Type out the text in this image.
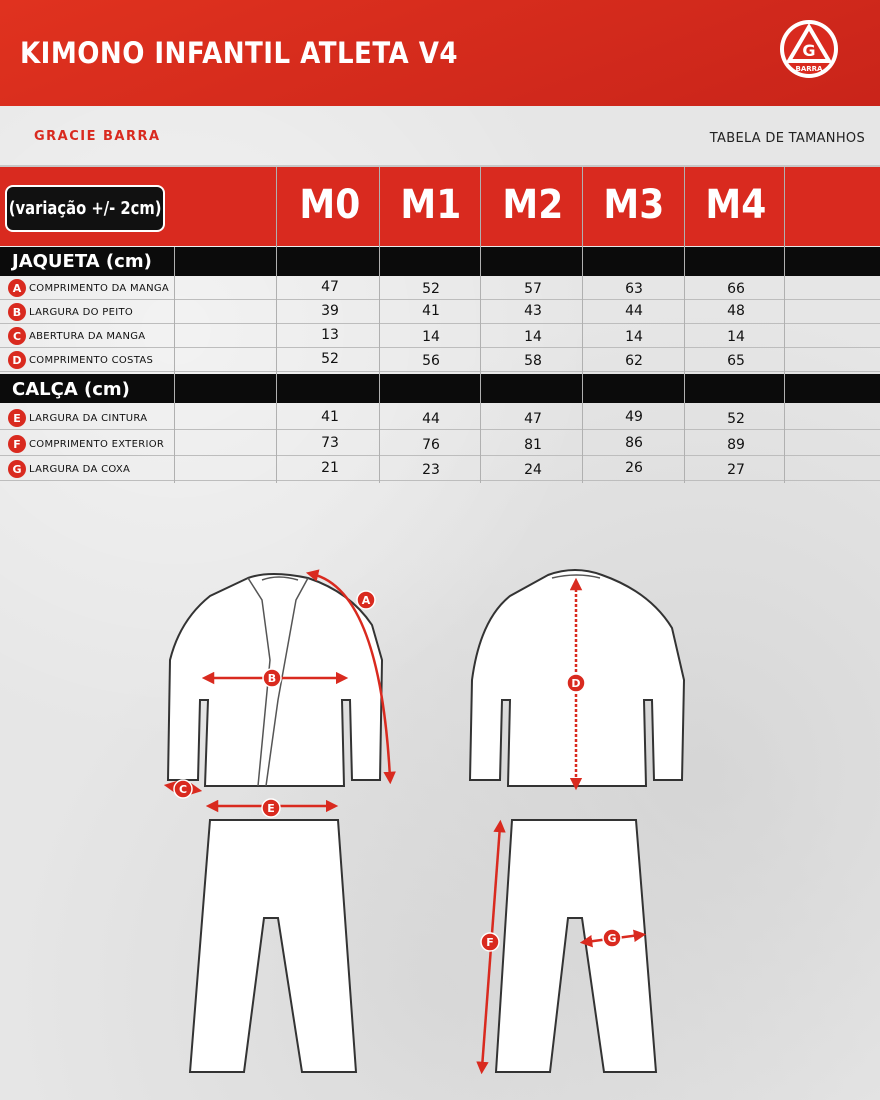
KIMONO INFANTIL ATLETA V4	G
BARRA
GRACIE BARRA	TABELA DE TAMANHOS
(variação +/- 2cm)	M0	M1	M2	M3	M4
JAQUETA (cm)
A COMPRIMENTO DA MANGA	47	52	57	63	66
B LARGURA DO PEITO	39	41	43	44	48
C ABERTURA DA MANGA	13	14	14	14	14
D COMPRIMENTO COSTAS	52	56	58	62	65
CALÇA (cm)
E LARGURA DA CINTURA	41	44	47	49	52
F COMPRIMENTO EXTERIOR	73	76	81	86	89
G LARGURA DA COXA	21	23	24	26	27
A
B
C
D
E
F	G
